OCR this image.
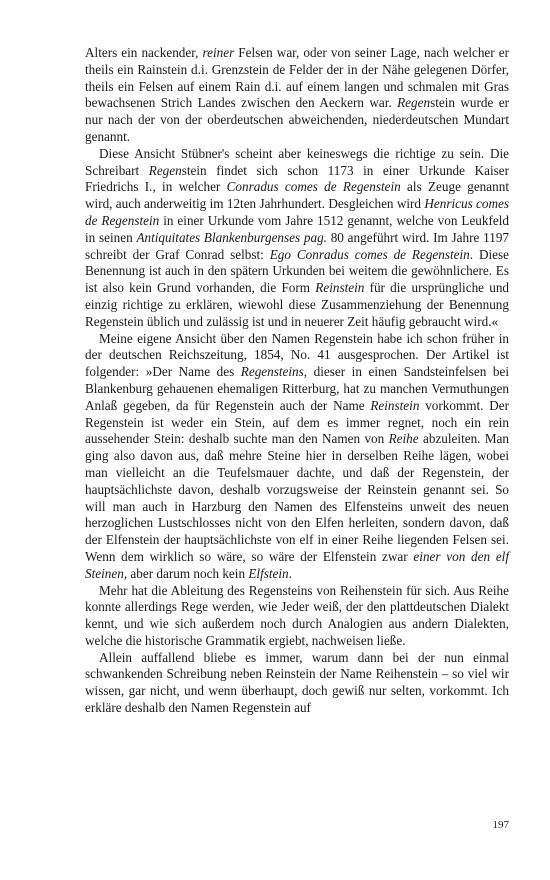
Alters ein nackender, reiner Felsen war, oder von seiner Lage, nach welcher er theils ein Rainstein d.i. Grenzstein de Felder der in der Nähe gelegenen Dörfer, theils ein Felsen auf einem Rain d.i. auf einem langen und schmalen mit Gras bewachsenen Strich Landes zwischen den Aeckern war. Regenstein wurde er nur nach der von der oberdeutschen abweichenden, niederdeutschen Mundart genannt.

Diese Ansicht Stübner's scheint aber keineswegs die richtige zu sein. Die Schreibart Regenstein findet sich schon 1173 in einer Urkunde Kaiser Friedrichs I., in welcher Conradus comes de Regenstein als Zeuge genannt wird, auch anderweitig im 12ten Jahrhundert. Desgleichen wird Henricus comes de Regenstein in einer Urkunde vom Jahre 1512 genannt, welche von Leukfeld in seinen Antiquitates Blankenburgenses pag. 80 angeführt wird. Im Jahre 1197 schreibt der Graf Conrad selbst: Ego Conradus comes de Regenstein. Diese Benennung ist auch in den spätern Urkunden bei weitem die gewöhnlichere. Es ist also kein Grund vorhanden, die Form Reinstein für die ursprüngliche und einzig richtige zu erklären, wiewohl diese Zusammenziehung der Benennung Regenstein üblich und zulässig ist und in neuerer Zeit häufig gebraucht wird.«

Meine eigene Ansicht über den Namen Regenstein habe ich schon früher in der deutschen Reichszeitung, 1854, No. 41 ausgesprochen. Der Artikel ist folgender: »Der Name des Regensteins, dieser in einen Sandsteinfelsen bei Blankenburg gehauenen ehemaligen Ritterburg, hat zu manchen Vermuthungen Anlaß gegeben, da für Regenstein auch der Name Reinstein vorkommt. Der Regenstein ist weder ein Stein, auf dem es immer regnet, noch ein rein aussehender Stein: deshalb suchte man den Namen von Reihe abzuleiten. Man ging also davon aus, daß mehre Steine hier in derselben Reihe lägen, wobei man vielleicht an die Teufelsmauer dachte, und daß der Regenstein, der hauptsächlichste davon, deshalb vorzugsweise der Reinstein genannt sei. So will man auch in Harzburg den Namen des Elfensteins unweit des neuen herzoglichen Lustschlosses nicht von den Elfen herleiten, sondern davon, daß der Elfenstein der hauptsächlichste von elf in einer Reihe liegenden Felsen sei. Wenn dem wirklich so wäre, so wäre der Elfenstein zwar einer von den elf Steinen, aber darum noch kein Elfstein.

Mehr hat die Ableitung des Regensteins von Reihenstein für sich. Aus Reihe konnte allerdings Rege werden, wie Jeder weiß, der den plattdeutschen Dialekt kennt, und wie sich außerdem noch durch Analogien aus andern Dialekten, welche die historische Grammatik ergiebt, nachweisen ließe.

Allein auffallend bliebe es immer, warum dann bei der nun einmal schwankenden Schreibung neben Reinstein der Name Reihenstein – so viel wir wissen, gar nicht, und wenn überhaupt, doch gewiß nur selten, vorkommt. Ich erkläre deshalb den Namen Regenstein auf

197
